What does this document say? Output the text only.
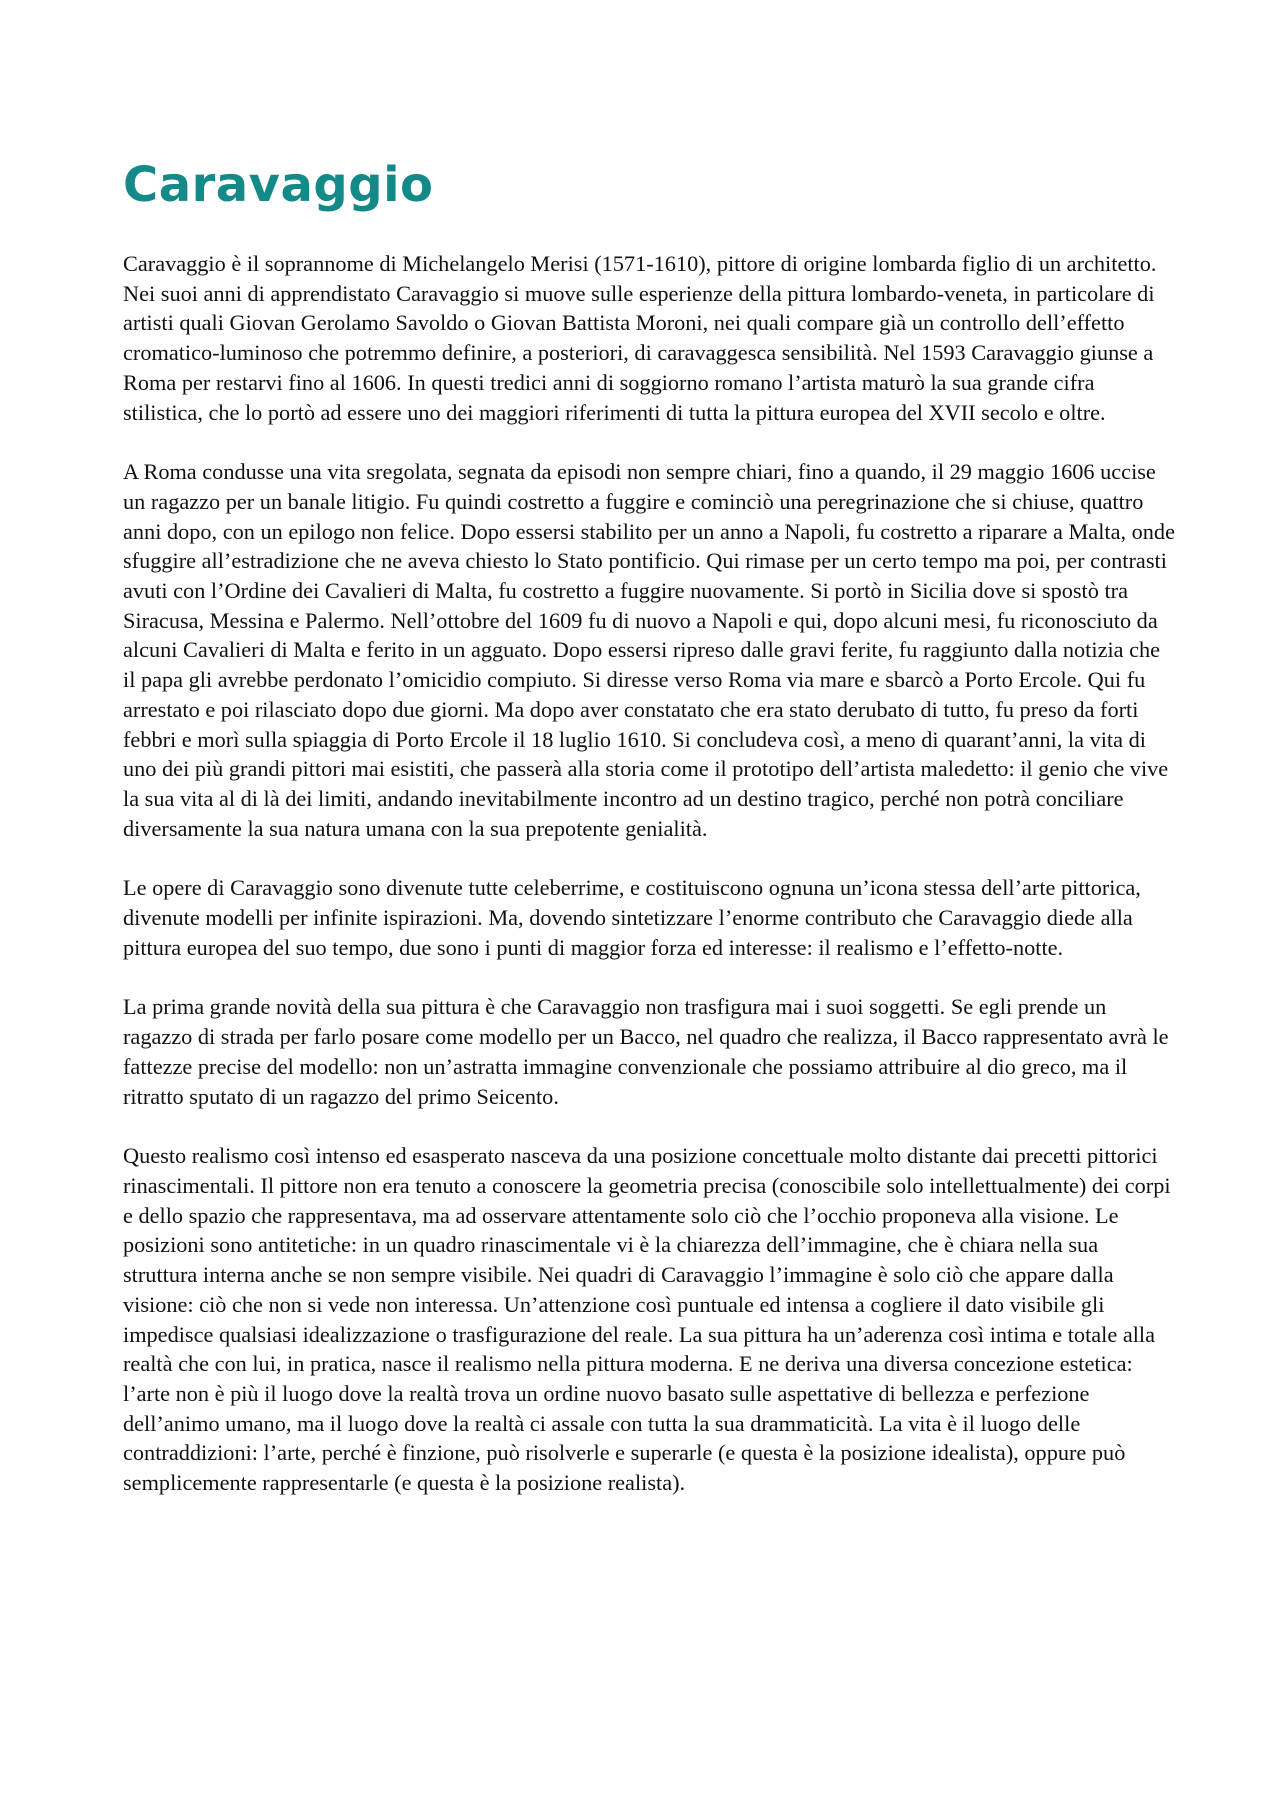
Caravaggio

Caravaggio è il soprannome di Michelangelo Merisi (1571-1610), pittore di origine lombarda figlio di un architetto. Nei suoi anni di apprendistato Caravaggio si muove sulle esperienze della pittura lombardo-veneta, in particolare di artisti quali Giovan Gerolamo Savoldo o Giovan Battista Moroni, nei quali compare già un controllo dell’effetto cromatico-luminoso che potremmo definire, a posteriori, di caravaggesca sensibilità. Nel 1593 Caravaggio giunse a Roma per restarvi fino al 1606. In questi tredici anni di soggiorno romano l’artista maturò la sua grande cifra stilistica, che lo portò ad essere uno dei maggiori riferimenti di tutta la pittura europea del XVII secolo e oltre.

A Roma condusse una vita sregolata, segnata da episodi non sempre chiari, fino a quando, il 29 maggio 1606 uccise un ragazzo per un banale litigio. Fu quindi costretto a fuggire e cominciò una peregrinazione che si chiuse, quattro anni dopo, con un epilogo non felice. Dopo essersi stabilito per un anno a Napoli, fu costretto a riparare a Malta, onde sfuggire all’estradizione che ne aveva chiesto lo Stato pontificio. Qui rimase per un certo tempo ma poi, per contrasti avuti con l’Ordine dei Cavalieri di Malta, fu costretto a fuggire nuovamente. Si portò in Sicilia dove si spostò tra Siracusa, Messina e Palermo. Nell’ottobre del 1609 fu di nuovo a Napoli e qui, dopo alcuni mesi, fu riconosciuto da alcuni Cavalieri di Malta e ferito in un agguato. Dopo essersi ripreso dalle gravi ferite, fu raggiunto dalla notizia che il papa gli avrebbe perdonato l’omicidio compiuto. Si diresse verso Roma via mare e sbarcò a Porto Ercole. Qui fu arrestato e poi rilasciato dopo due giorni. Ma dopo aver constatato che era stato derubato di tutto, fu preso da forti febbri e morì sulla spiaggia di Porto Ercole il 18 luglio 1610. Si concludeva così, a meno di quarant’anni, la vita di uno dei più grandi pittori mai esistiti, che passerà alla storia come il prototipo dell’artista maledetto: il genio che vive la sua vita al di là dei limiti, andando inevitabilmente incontro ad un destino tragico, perché non potrà conciliare diversamente la sua natura umana con la sua prepotente genialità.

Le opere di Caravaggio sono divenute tutte celeberrime, e costituiscono ognuna un’icona stessa dell’arte pittorica, divenute modelli per infinite ispirazioni. Ma, dovendo sintetizzare l’enorme contributo che Caravaggio diede alla pittura europea del suo tempo, due sono i punti di maggior forza ed interesse: il realismo e l’effetto-notte.

La prima grande novità della sua pittura è che Caravaggio non trasfigura mai i suoi soggetti. Se egli prende un ragazzo di strada per farlo posare come modello per un Bacco, nel quadro che realizza, il Bacco rappresentato avrà le fattezze precise del modello: non un’astratta immagine convenzionale che possiamo attribuire al dio greco, ma il ritratto sputato di un ragazzo del primo Seicento.

Questo realismo così intenso ed esasperato nasceva da una posizione concettuale molto distante dai precetti pittorici rinascimentali. Il pittore non era tenuto a conoscere la geometria precisa (conoscibile solo intellettualmente) dei corpi e dello spazio che rappresentava, ma ad osservare attentamente solo ciò che l’occhio proponeva alla visione. Le posizioni sono antitetiche: in un quadro rinascimentale vi è la chiarezza dell’immagine, che è chiara nella sua struttura interna anche se non sempre visibile. Nei quadri di Caravaggio l’immagine è solo ciò che appare dalla visione: ciò che non si vede non interessa. Un’attenzione così puntuale ed intensa a cogliere il dato visibile gli impedisce qualsiasi idealizzazione o trasfigurazione del reale. La sua pittura ha un’aderenza così intima e totale alla realtà che con lui, in pratica, nasce il realismo nella pittura moderna. E ne deriva una diversa concezione estetica: l’arte non è più il luogo dove la realtà trova un ordine nuovo basato sulle aspettative di bellezza e perfezione dell’animo umano, ma il luogo dove la realtà ci assale con tutta la sua drammaticità. La vita è il luogo delle contraddizioni: l’arte, perché è finzione, può risolverle e superarle (e questa è la posizione idealista), oppure può semplicemente rappresentarle (e questa è la posizione realista).
